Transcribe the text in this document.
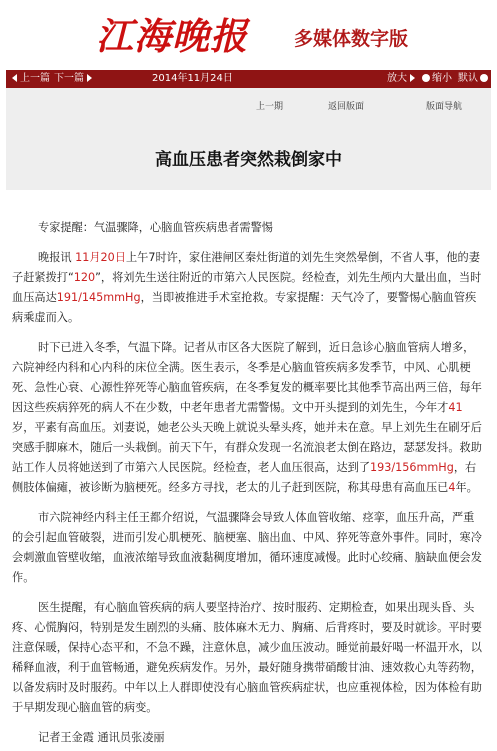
江海晚报 多媒体数字版
上一篇 下一篇	2014年11月24日	放大	缩小 默认
上一期	返回版面	版面导航
高血压患者突然栽倒家中

专家提醒：气温骤降，心脑血管疾病患者需警惕

晚报讯 11月20日上午7时许，家住港闸区秦灶街道的刘先生突然晕倒，不省人事，他的妻子赶紧拨打“120”，将刘先生送往附近的市第六人民医院。经检查，刘先生颅内大量出血，当时血压高达191/145mmHg，当即被推进手术室抢救。专家提醒：天气冷了，要警惕心脑血管疾病乘虚而入。

时下已进入冬季，气温下降。记者从市区各大医院了解到，近日急诊心脑血管病人增多，六院神经内科和心内科的床位全满。医生表示，冬季是心脑血管疾病多发季节，中风、心肌梗死、急性心衰、心源性猝死等心脑血管疾病，在冬季复发的概率要比其他季节高出两三倍，每年因这些疾病猝死的病人不在少数，中老年患者尤需警惕。文中开头提到的刘先生，今年才41岁，平素有高血压。刘妻说，她老公头天晚上就说头晕头疼，她并未在意。早上刘先生在刷牙后突感手脚麻木，随后一头栽倒。前天下午，有群众发现一名流浪老太倒在路边，瑟瑟发抖。救助站工作人员将她送到了市第六人民医院。经检查，老人血压很高，达到了193/156mmHg，右侧肢体偏瘫，被诊断为脑梗死。经多方寻找，老太的儿子赶到医院，称其母患有高血压已4年。

市六院神经内科主任王都介绍说，气温骤降会导致人体血管收缩、痉挛，血压升高，严重的会引起血管破裂，进而引发心肌梗死、脑梗塞、脑出血、中风、猝死等意外事件。同时，寒冷会刺激血管壁收缩，血液浓缩导致血液黏稠度增加，循环速度减慢。此时心绞痛、脑缺血便会发作。

医生提醒，有心脑血管疾病的病人要坚持治疗、按时服药、定期检查，如果出现头昏、头疼、心慌胸闷，特别是发生剧烈的头痛、肢体麻木无力、胸痛、后背疼时，要及时就诊。平时要注意保暖，保持心态平和，不急不躁，注意休息，减少血压波动。睡觉前最好喝一杯温开水，以稀释血液，利于血管畅通，避免疾病发作。另外，最好随身携带硝酸甘油、速效救心丸等药物，以备发病时及时服药。中年以上人群即使没有心脑血管疾病症状，也应重视体检，因为体检有助于早期发现心脑血管的病变。

记者王金霞 通讯员张凌丽
